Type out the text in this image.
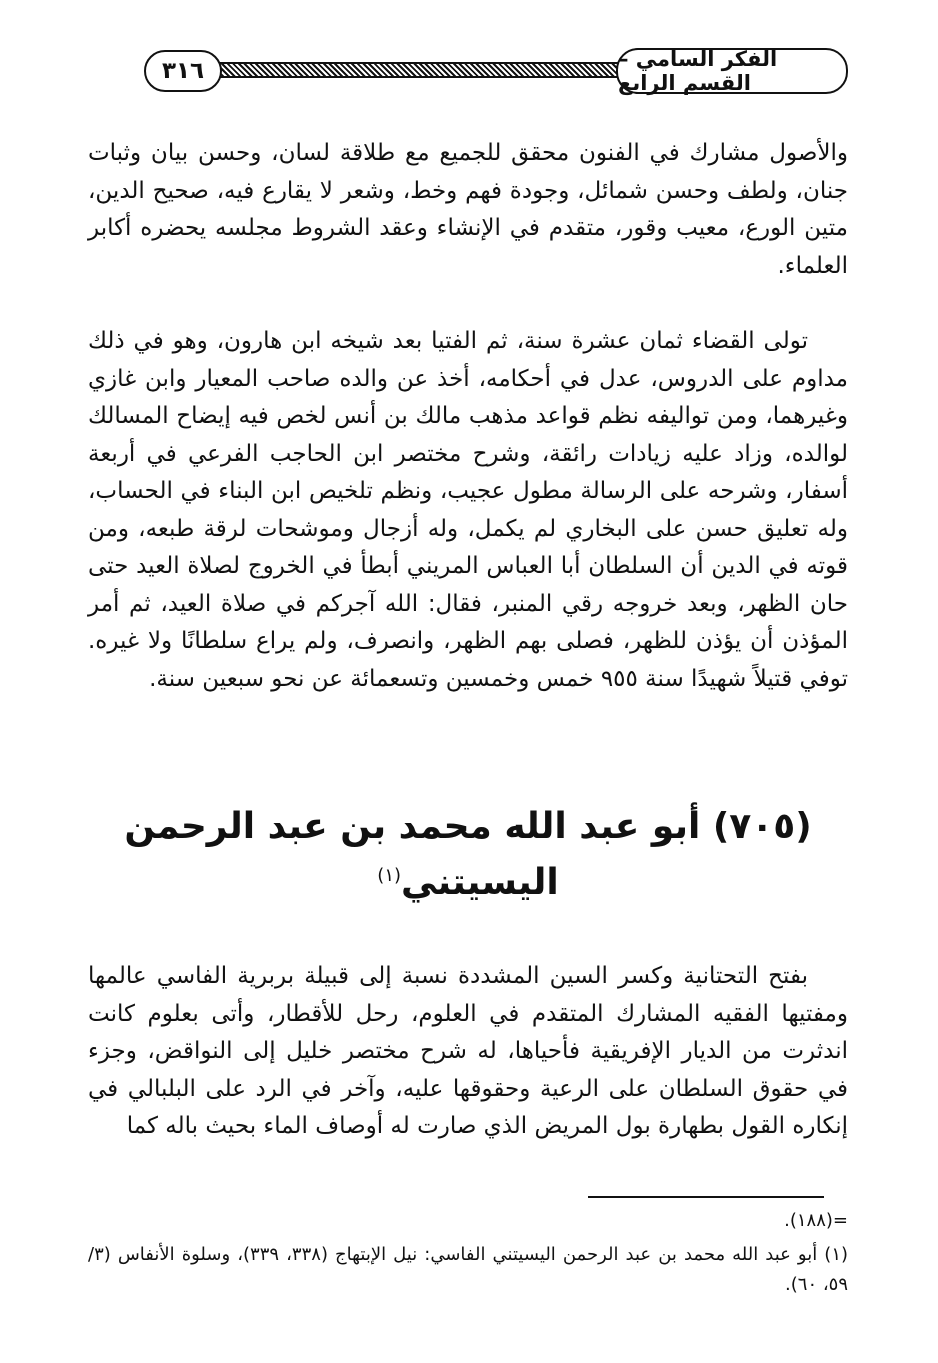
الفكر السامي – القسم الرابع
٣١٦

والأصول مشارك في الفنون محقق للجميع مع طلاقة لسان، وحسن بيان وثبات جنان، ولطف وحسن شمائل، وجودة فهم وخط، وشعر لا يقارع فيه، صحيح الدين، متين الورع، معيب وقور، متقدم في الإنشاء وعقد الشروط مجلسه يحضره أكابر العلماء.

تولى القضاء ثمان عشرة سنة، ثم الفتيا بعد شيخه ابن هارون، وهو في ذلك مداوم على الدروس، عدل في أحكامه، أخذ عن والده صاحب المعيار وابن غازي وغيرهما، ومن تواليفه نظم قواعد مذهب مالك بن أنس لخص فيه إيضاح المسالك لوالده، وزاد عليه زيادات رائقة، وشرح مختصر ابن الحاجب الفرعي في أربعة أسفار، وشرحه على الرسالة مطول عجيب، ونظم تلخيص ابن البناء في الحساب، وله تعليق حسن على البخاري لم يكمل، وله أزجال وموشحات لرقة طبعه، ومن قوته في الدين أن السلطان أبا العباس المريني أبطأ في الخروج لصلاة العيد حتى حان الظهر، وبعد خروجه رقي المنبر، فقال: الله آجركم في صلاة العيد، ثم أمر المؤذن أن يؤذن للظهر، فصلى بهم الظهر، وانصرف، ولم يراع سلطانًا ولا غيره. توفي قتيلاً شهيدًا سنة ٩٥٥ خمس وخمسين وتسعمائة عن نحو سبعين سنة.

(٧٠٥) أبو عبد الله محمد بن عبد الرحمن
اليسيتني$^{(١)}$

بفتح التحتانية وكسر السين المشددة نسبة إلى قبيلة بربرية الفاسي عالمها ومفتيها الفقيه المشارك المتقدم في العلوم، رحل للأقطار، وأتى بعلوم كانت اندثرت من الديار الإفريقية فأحياها، له شرح مختصر خليل إلى النواقض، وجزء في حقوق السلطان على الرعية وحقوقها عليه، وآخر في الرد على البلبالي في إنكاره القول بطهارة بول المريض الذي صارت له أوصاف الماء بحيث باله كما

=(١٨٨).
(١) أبو عبد الله محمد بن عبد الرحمن اليسيتني الفاسي: نيل الإبتهاج (٣٣٨، ٣٣٩)، وسلوة الأنفاس (٣/ ٥٩، ٦٠).
